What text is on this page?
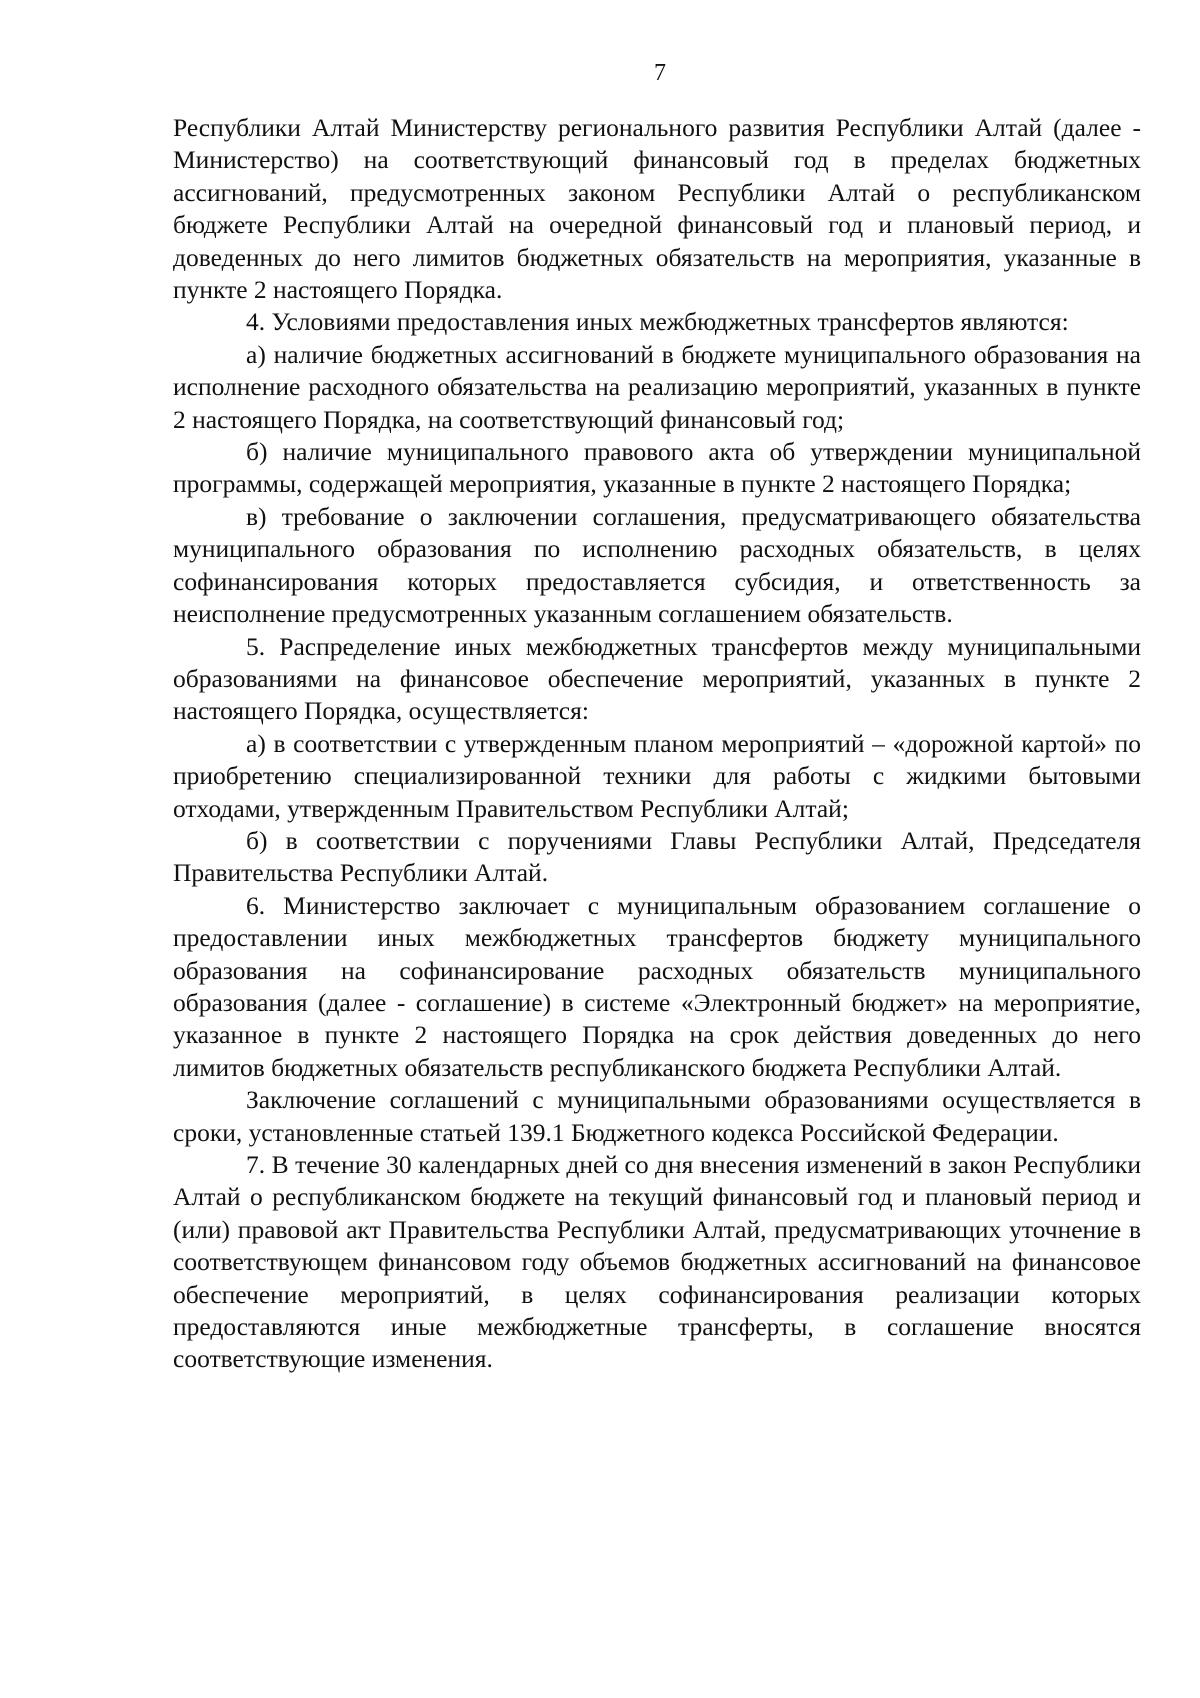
7

Республики Алтай Министерству регионального развития Республики Алтай (далее - Министерство) на соответствующий финансовый год в пределах бюджетных ассигнований, предусмотренных законом Республики Алтай о республиканском бюджете Республики Алтай на очередной финансовый год и плановый период, и доведенных до него лимитов бюджетных обязательств на мероприятия, указанные в пункте 2 настоящего Порядка.

4. Условиями предоставления иных межбюджетных трансфертов являются:

а) наличие бюджетных ассигнований в бюджете муниципального образования на исполнение расходного обязательства на реализацию мероприятий, указанных в пункте 2 настоящего Порядка, на соответствующий финансовый год;

б) наличие муниципального правового акта об утверждении муниципальной программы, содержащей мероприятия, указанные в пункте 2 настоящего Порядка;

в) требование о заключении соглашения, предусматривающего обязательства муниципального образования по исполнению расходных обязательств, в целях софинансирования которых предоставляется субсидия, и ответственность за неисполнение предусмотренных указанным соглашением обязательств.

5. Распределение иных межбюджетных трансфертов между муниципальными образованиями на финансовое обеспечение мероприятий, указанных в пункте 2 настоящего Порядка, осуществляется:

а) в соответствии с утвержденным планом мероприятий – «дорожной картой» по приобретению специализированной техники для работы с жидкими бытовыми отходами, утвержденным Правительством Республики Алтай;

б) в соответствии с поручениями Главы Республики Алтай, Председателя Правительства Республики Алтай.

6. Министерство заключает с муниципальным образованием соглашение о предоставлении иных межбюджетных трансфертов бюджету муниципального образования на софинансирование расходных обязательств муниципального образования (далее - соглашение) в системе «Электронный бюджет» на мероприятие, указанное в пункте 2 настоящего Порядка на срок действия доведенных до него лимитов бюджетных обязательств республиканского бюджета Республики Алтай.

Заключение соглашений с муниципальными образованиями осуществляется в сроки, установленные статьей 139.1 Бюджетного кодекса Российской Федерации.

7. В течение 30 календарных дней со дня внесения изменений в закон Республики Алтай о республиканском бюджете на текущий финансовый год и плановый период и (или) правовой акт Правительства Республики Алтай, предусматривающих уточнение в соответствующем финансовом году объемов бюджетных ассигнований на финансовое обеспечение мероприятий, в целях софинансирования реализации которых предоставляются иные межбюджетные трансферты, в соглашение вносятся соответствующие изменения.
